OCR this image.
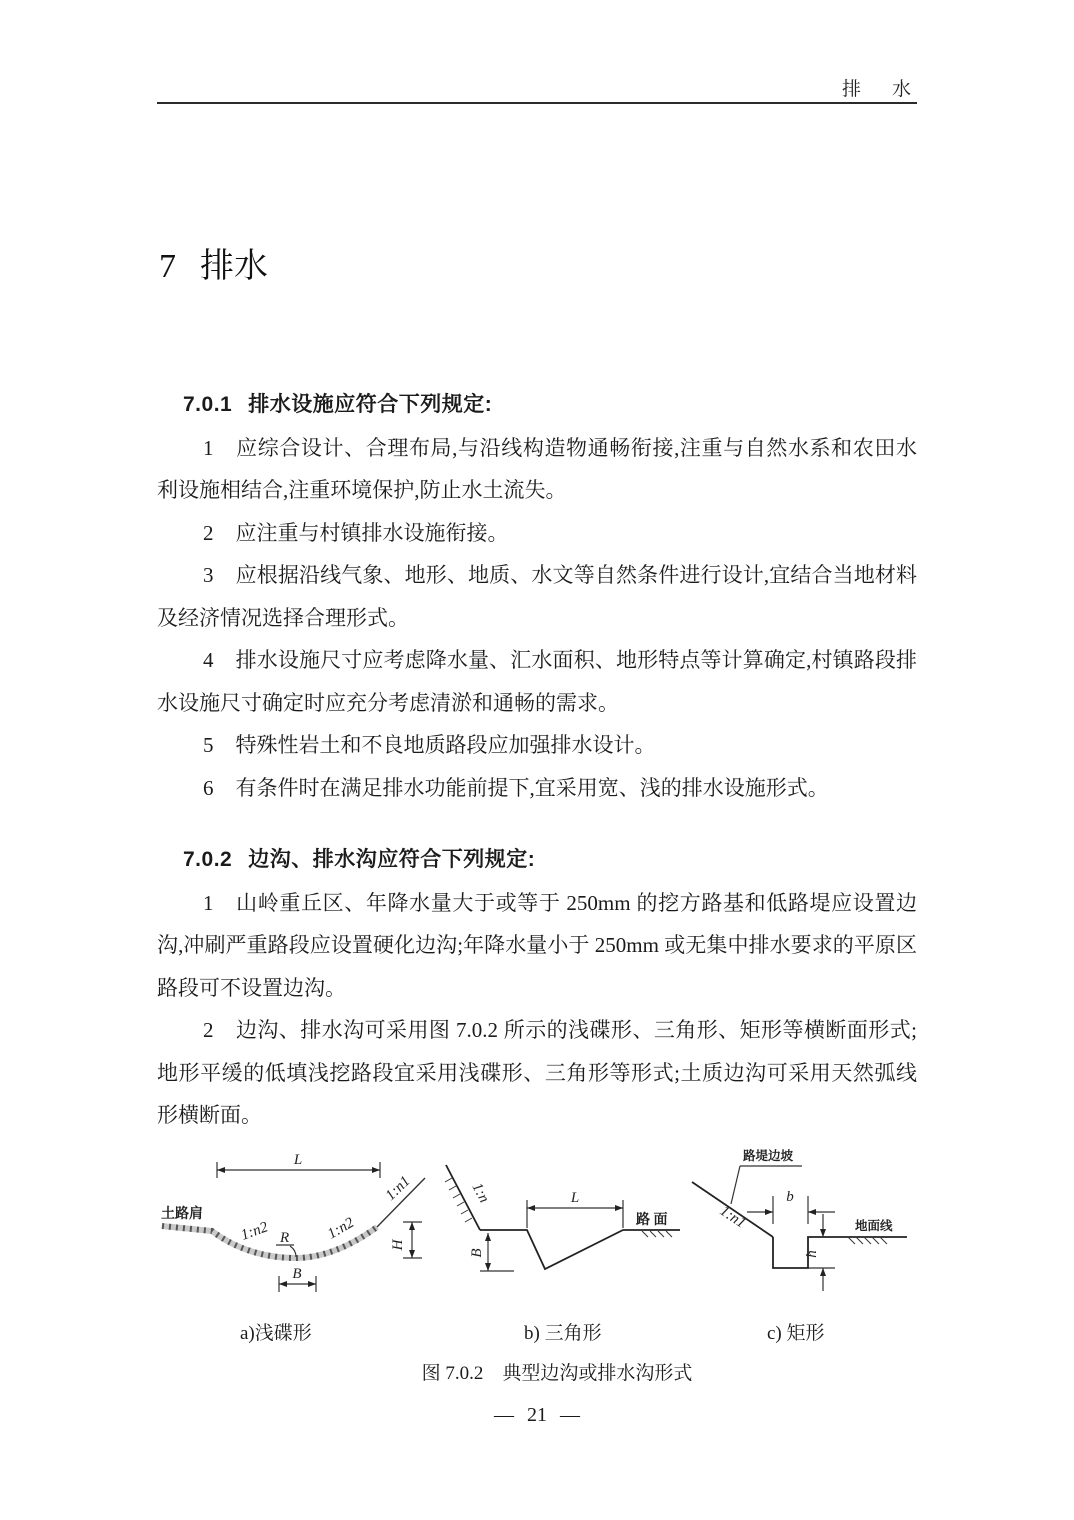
排　水
7 排水

7.0.1 排水设施应符合下列规定:

1 应综合设计、合理布局,与沿线构造物通畅衔接,注重与自然水系和农田水利设施相结合,注重环境保护,防止水土流失。

2 应注重与村镇排水设施衔接。

3 应根据沿线气象、地形、地质、水文等自然条件进行设计,宜结合当地材料及经济情况选择合理形式。

4 排水设施尺寸应考虑降水量、汇水面积、地形特点等计算确定,村镇路段排水设施尺寸确定时应充分考虑清淤和通畅的需求。

5 特殊性岩土和不良地质路段应加强排水设计。

6 有条件时在满足排水功能前提下,宜采用宽、浅的排水设施形式。

7.0.2 边沟、排水沟应符合下列规定:

1 山岭重丘区、年降水量大于或等于 250mm 的挖方路基和低路堤应设置边沟,冲刷严重路段应设置硬化边沟;年降水量小于 250mm 或无集中排水要求的平原区路段可不设置边沟。

2 边沟、排水沟可采用图 7.0.2 所示的浅碟形、三角形、矩形等横断面形式;地形平缓的低填浅挖路段宜采用浅碟形、三角形等形式;土质边沟可采用天然弧线形横断面。

L
土路肩
1:n2	1:n2
1:n1
R	H
B
1:n
路 面
L
B
路堤边坡
1:n1	地面线
b
h
a)浅碟形	b) 三角形	c) 矩形
图 7.0.2　典型边沟或排水沟形式
— 21 —
